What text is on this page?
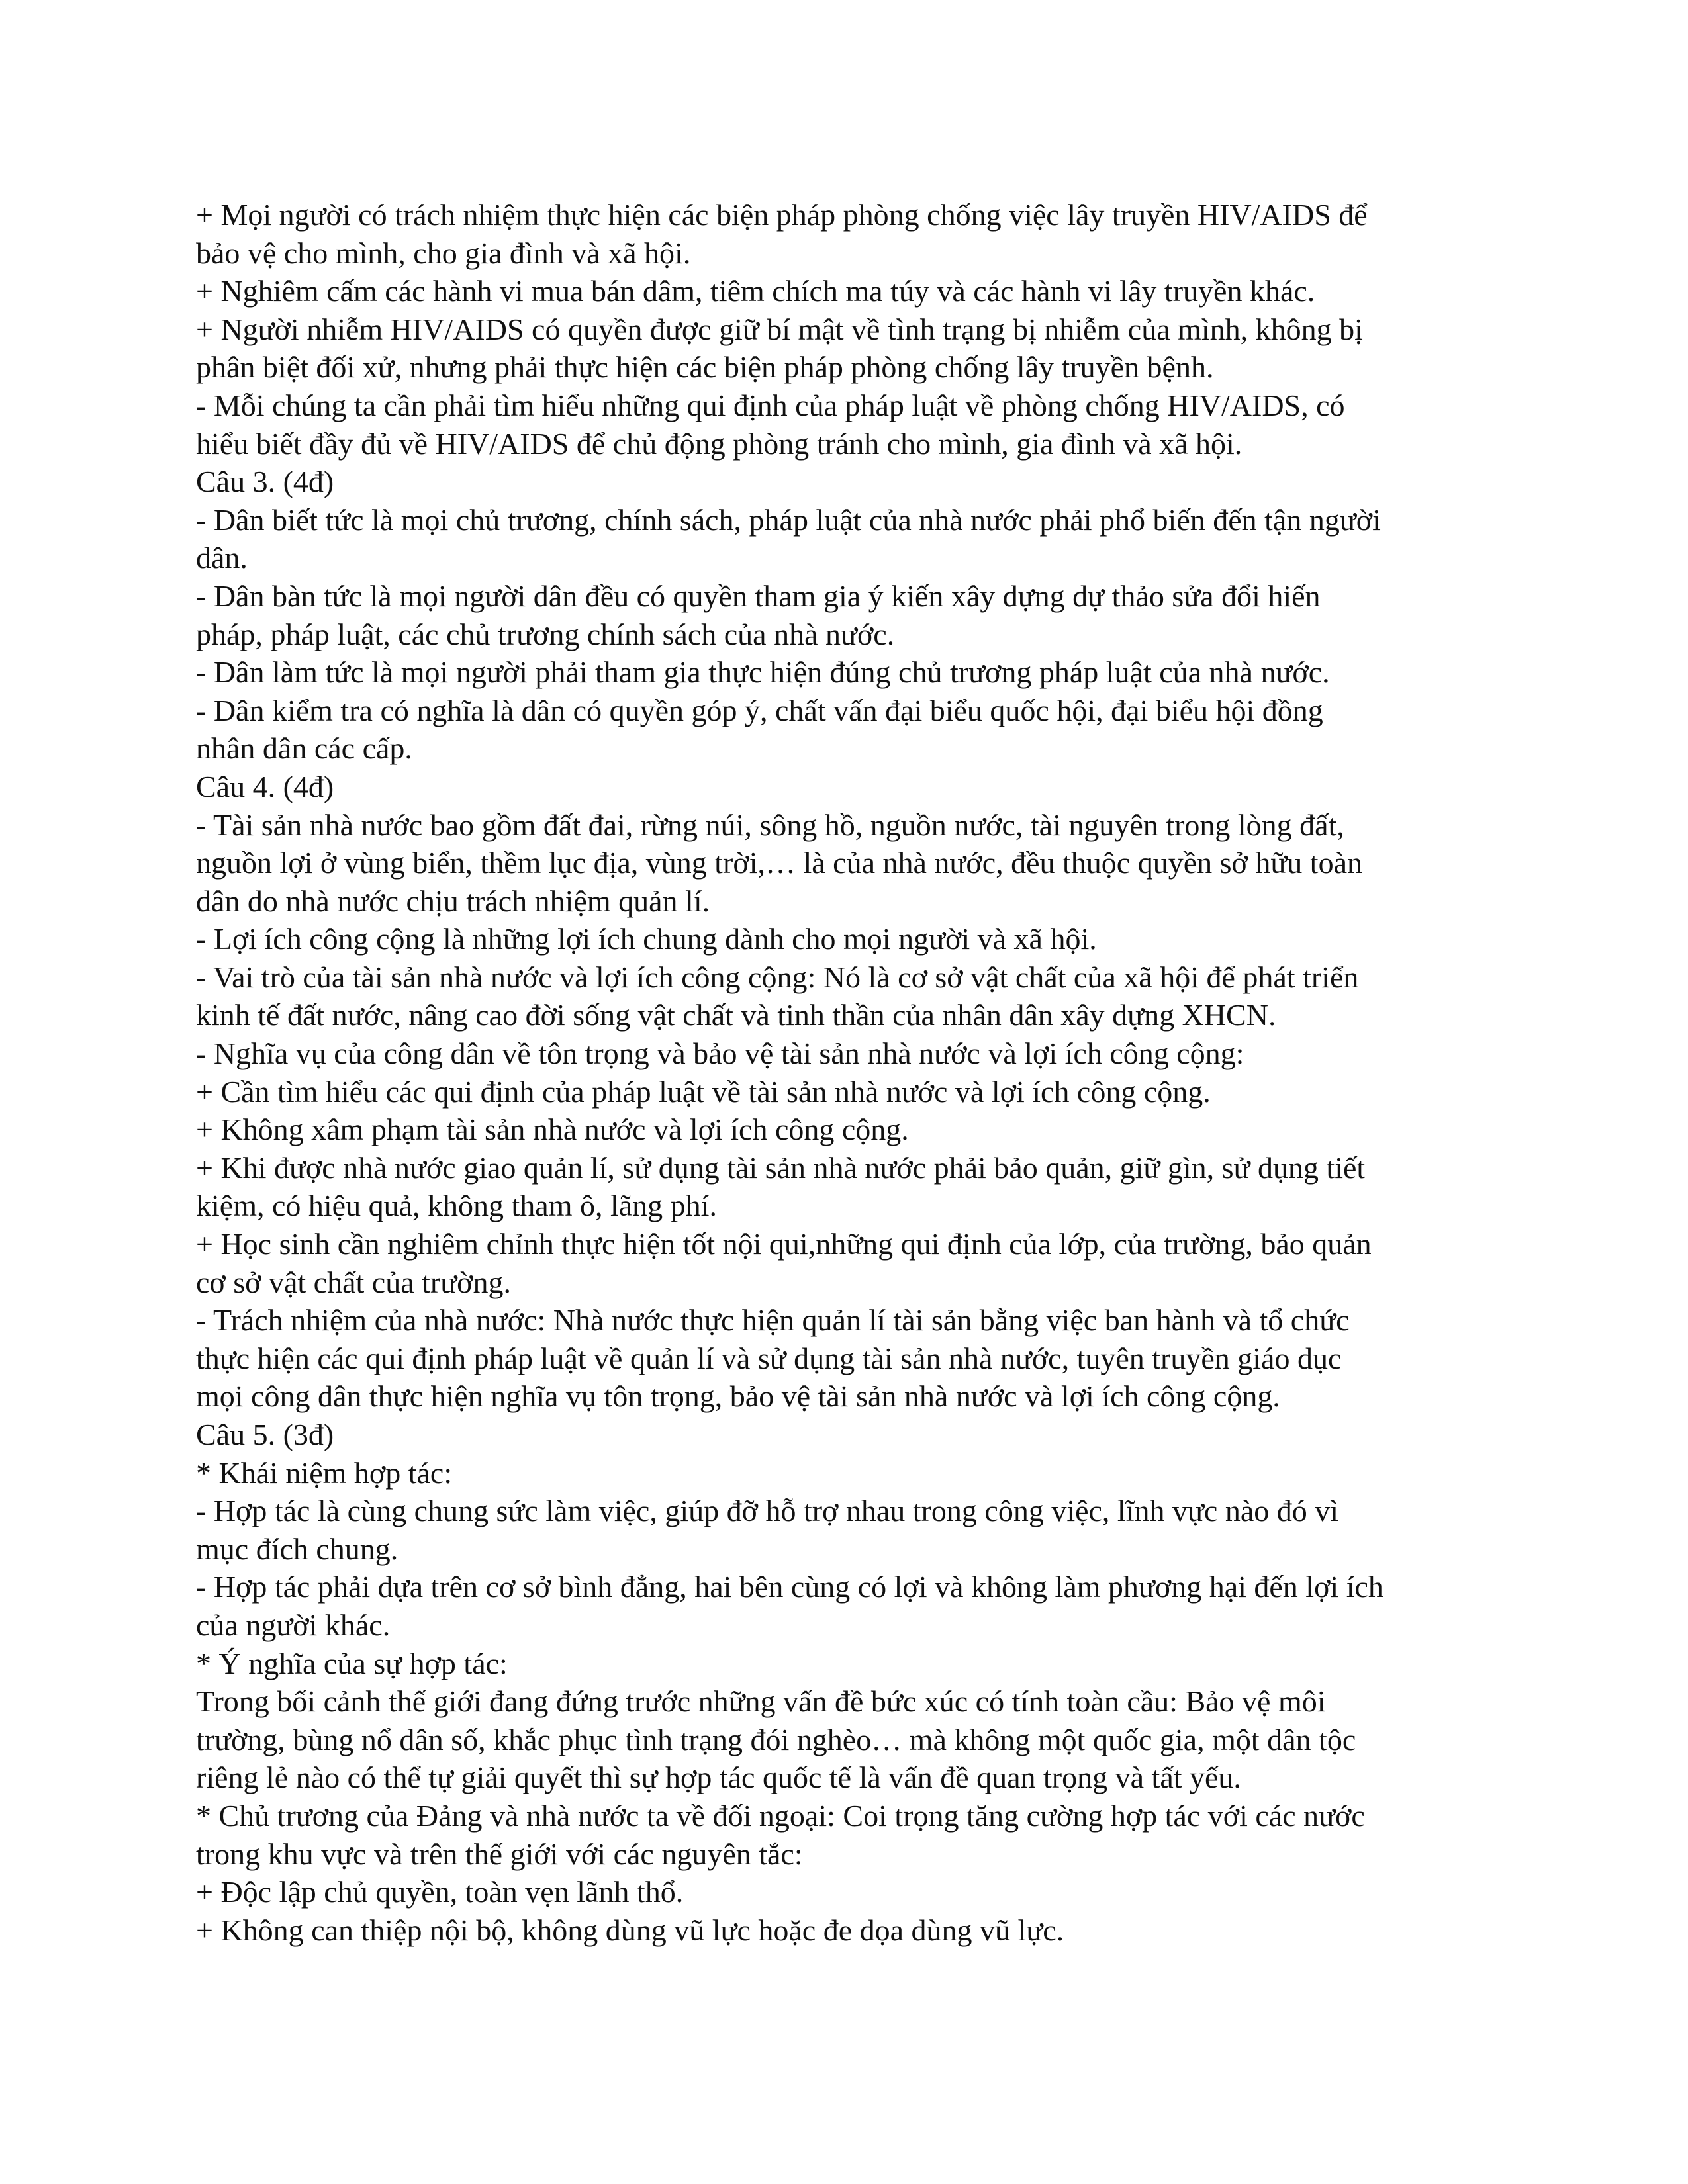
+ Mọi người có trách nhiệm thực hiện các biện pháp phòng chống việc lây truyền HIV/AIDS để

bảo vệ cho mình, cho gia đình và xã hội.

+ Nghiêm cấm các hành vi mua bán dâm, tiêm chích ma túy và các hành vi lây truyền khác.

+ Người nhiễm HIV/AIDS có quyền được giữ bí mật về tình trạng bị nhiễm của mình, không bị

phân biệt đối xử, nhưng phải thực hiện các biện pháp phòng chống lây truyền bệnh.

- Mỗi chúng ta cần phải tìm hiểu những qui định của pháp luật về phòng chống HIV/AIDS, có

hiểu biết đầy đủ về HIV/AIDS để chủ động phòng tránh cho mình, gia đình và xã hội.

Câu 3. (4đ)

- Dân biết tức là mọi chủ trương, chính sách, pháp luật của nhà nước phải phổ biến đến tận người

dân.

- Dân bàn tức là mọi người dân đều có quyền tham gia ý kiến xây dựng dự thảo sửa đổi hiến

pháp, pháp luật, các chủ trương chính sách của nhà nước.

- Dân làm tức là mọi người phải tham gia thực hiện đúng chủ trương pháp luật của nhà nước.

- Dân kiểm tra có nghĩa là dân có quyền góp ý, chất vấn đại biểu quốc hội, đại biểu hội đồng

nhân dân các cấp.

Câu 4. (4đ)

- Tài sản nhà nước bao gồm đất đai, rừng núi, sông hồ, nguồn nước, tài nguyên trong lòng đất,

nguồn lợi ở vùng biển, thềm lục địa, vùng trời,… là của nhà nước, đều thuộc quyền sở hữu toàn

dân do nhà nước chịu trách nhiệm quản lí.

- Lợi ích công cộng là những lợi ích chung dành cho mọi người và xã hội.

- Vai trò của tài sản nhà nước và lợi ích công cộng: Nó là cơ sở vật chất của xã hội để phát triển

kinh tế đất nước, nâng cao đời sống vật chất và tinh thần của nhân dân xây dựng XHCN.

- Nghĩa vụ của công dân về tôn trọng và bảo vệ tài sản nhà nước và lợi ích công cộng:

+ Cần tìm hiểu các qui định của pháp luật về tài sản nhà nước và lợi ích công cộng.

+ Không xâm phạm tài sản nhà nước và lợi ích công cộng.

+ Khi được nhà nước giao quản lí, sử dụng tài sản nhà nước phải bảo quản, giữ gìn, sử dụng tiết

kiệm, có hiệu quả, không tham ô, lãng phí.

+ Học sinh cần nghiêm chỉnh thực hiện tốt nội qui,những qui định của lớp, của trường, bảo quản

cơ sở vật chất của trường.

- Trách nhiệm của nhà nước: Nhà nước thực hiện quản lí tài sản bằng việc ban hành và tổ chức

thực hiện các qui định pháp luật về quản lí và sử dụng tài sản nhà nước, tuyên truyền giáo dục

mọi công dân thực hiện nghĩa vụ tôn trọng, bảo vệ tài sản nhà nước và lợi ích công cộng.

Câu 5. (3đ)

* Khái niệm hợp tác:

- Hợp tác là cùng chung sức làm việc, giúp đỡ hỗ trợ nhau trong công việc, lĩnh vực nào đó vì

mục đích chung.

- Hợp tác phải dựa trên cơ sở bình đẳng, hai bên cùng có lợi và không làm phương hại đến lợi ích

của người khác.

* Ý nghĩa của sự hợp tác:

Trong bối cảnh thế giới đang đứng trước những vấn đề bức xúc có tính toàn cầu: Bảo vệ môi

trường, bùng nổ dân số, khắc phục tình trạng đói nghèo… mà không một quốc gia, một dân tộc

riêng lẻ nào có thể tự giải quyết thì sự hợp tác quốc tế là vấn đề quan trọng và tất yếu.

* Chủ trương của Đảng và nhà nước ta về đối ngoại: Coi trọng tăng cường hợp tác với các nước

trong khu vực và trên thế giới với các nguyên tắc:

+ Độc lập chủ quyền, toàn vẹn lãnh thổ.

+ Không can thiệp nội bộ, không dùng vũ lực hoặc đe dọa dùng vũ lực.
